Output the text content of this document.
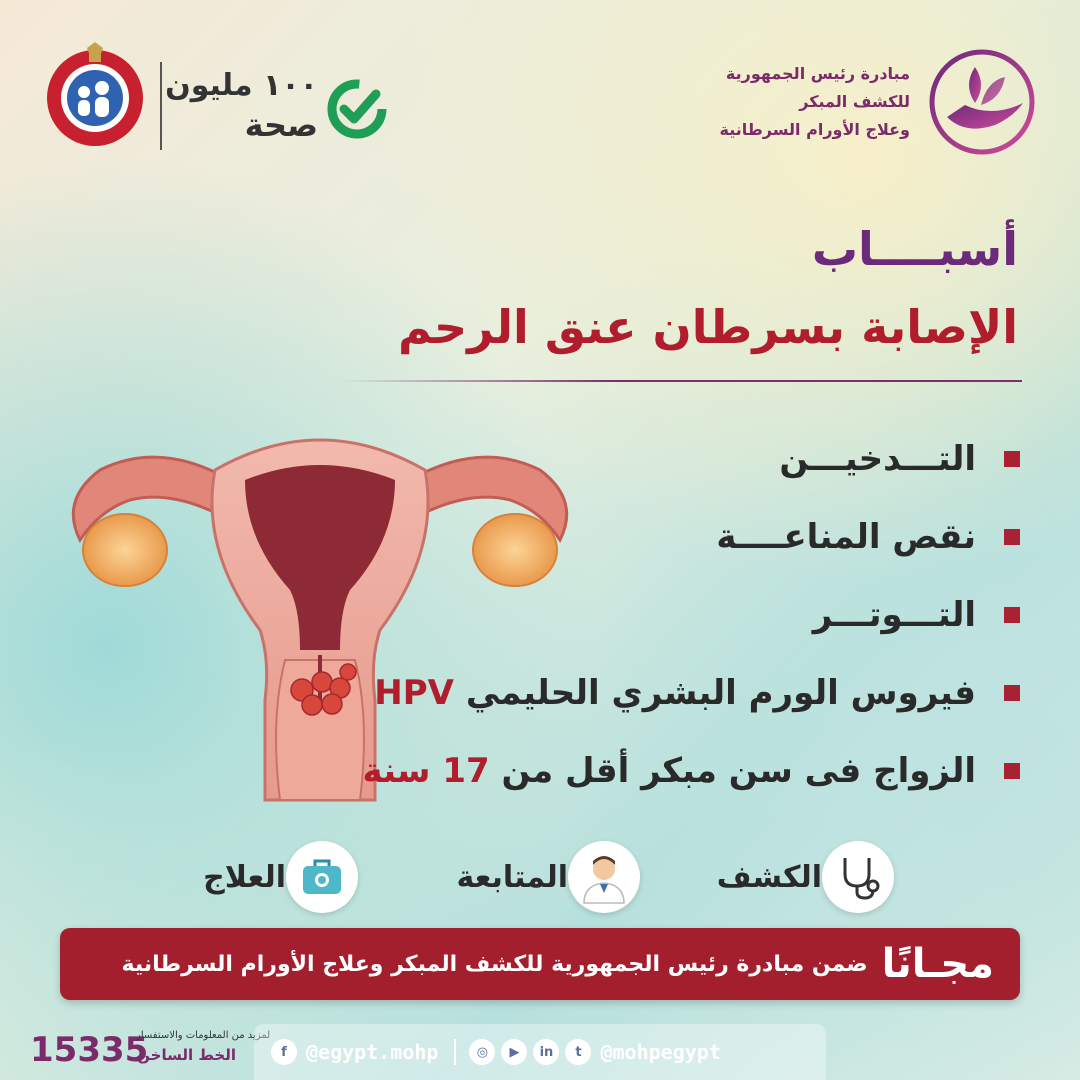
١٠٠ مليون
صحة
مبادرة رئيس الجمهورية
للكشف المبكر
وعلاج الأورام السرطانية
أسبــــاب
الإصابة بسرطان عنق الرحم
التـــدخيـــن
نقص المناعــــة
التـــوتـــر
فيروس الورم البشري الحليمي HPV
الزواج فى سن مبكر أقل من 17 سنة
الكشف
المتابعة
العلاج
مجـانًا
ضمن مبادرة رئيس الجمهورية للكشف المبكر وعلاج الأورام السرطانية
15335
لمزيد من المعلومات والاستفسار
الخط الساخن	f @egypt.mohp	◎	▶	in	t @mohpegypt
